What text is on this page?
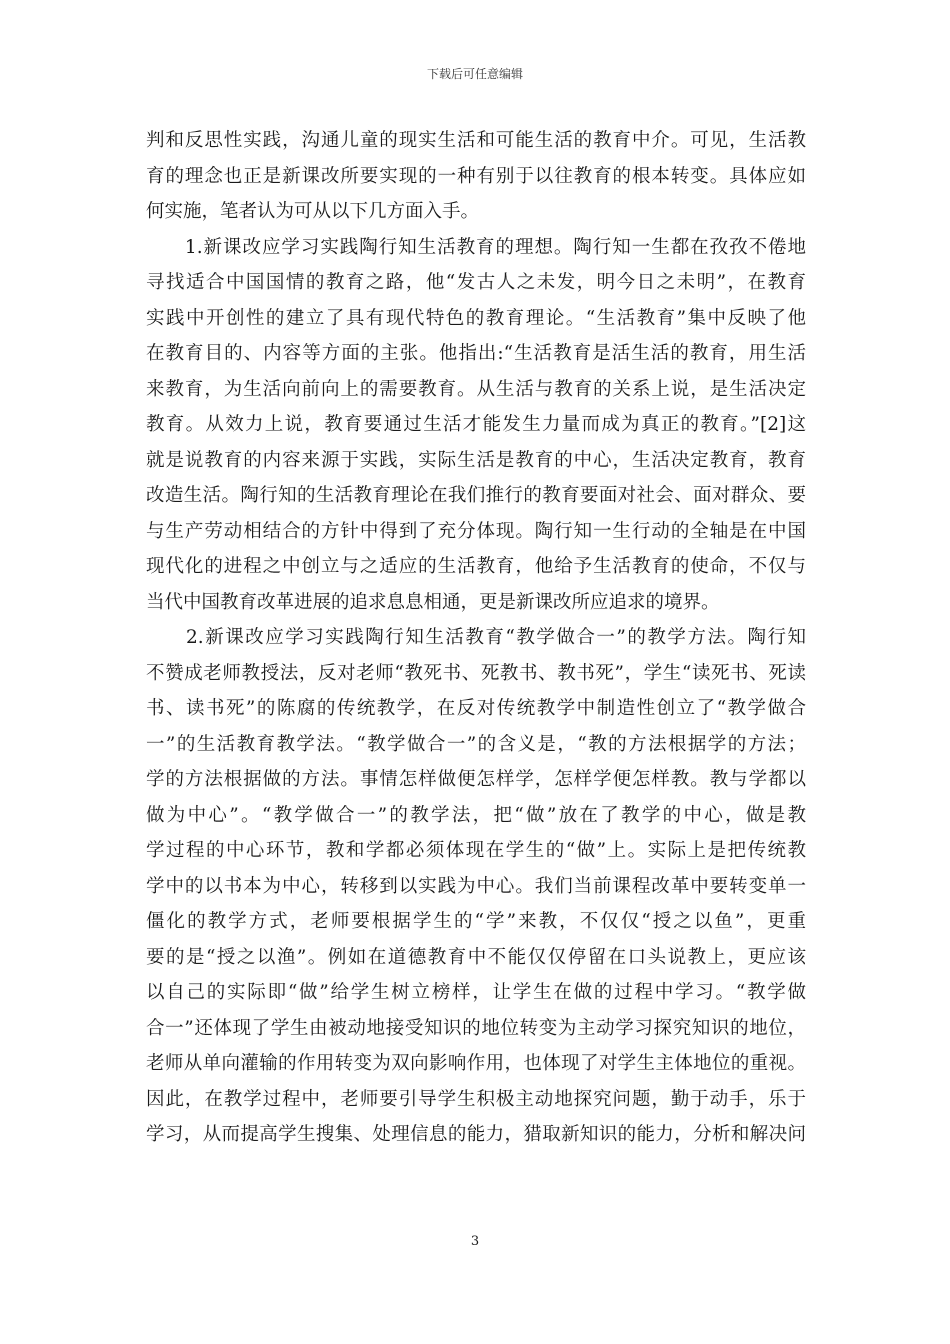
下载后可任意编辑
判和反思性实践，沟通儿童的现实生活和可能生活的教育中介。可见，生活教
育的理念也正是新课改所要实现的一种有别于以往教育的根本转变。具体应如
何实施，笔者认为可从以下几方面入手。
　　1.新课改应学习实践陶行知生活教育的理想。陶行知一生都在孜孜不倦地
寻找适合中国国情的教育之路，他“发古人之未发，明今日之未明”，在教育
实践中开创性的建立了具有现代特色的教育理论。“生活教育”集中反映了他
在教育目的、内容等方面的主张。他指出:“生活教育是活生活的教育，用生活
来教育，为生活向前向上的需要教育。从生活与教育的关系上说，是生活决定
教育。从效力上说，教育要通过生活才能发生力量而成为真正的教育。”[2]这
就是说教育的内容来源于实践，实际生活是教育的中心，生活决定教育，教育
改造生活。陶行知的生活教育理论在我们推行的教育要面对社会、面对群众、要
与生产劳动相结合的方针中得到了充分体现。陶行知一生行动的全轴是在中国
现代化的进程之中创立与之适应的生活教育，他给予生活教育的使命，不仅与
当代中国教育改革进展的追求息息相通，更是新课改所应追求的境界。
　　2.新课改应学习实践陶行知生活教育“教学做合一”的教学方法。陶行知
不赞成老师教授法，反对老师“教死书、死教书、教书死”，学生“读死书、死读
书、读书死”的陈腐的传统教学，在反对传统教学中制造性创立了“教学做合
一”的生活教育教学法。“教学做合一”的含义是，“教的方法根据学的方法；
学的方法根据做的方法。事情怎样做便怎样学，怎样学便怎样教。教与学都以
做为中心”。“教学做合一”的教学法，把“做”放在了教学的中心，做是教
学过程的中心环节，教和学都必须体现在学生的“做”上。实际上是把传统教
学中的以书本为中心，转移到以实践为中心。我们当前课程改革中要转变单一
僵化的教学方式，老师要根据学生的“学”来教，不仅仅“授之以鱼”，更重
要的是“授之以渔”。例如在道德教育中不能仅仅停留在口头说教上，更应该
以自己的实际即“做”给学生树立榜样，让学生在做的过程中学习。“教学做
合一”还体现了学生由被动地接受知识的地位转变为主动学习探究知识的地位，
老师从单向灌输的作用转变为双向影响作用，也体现了对学生主体地位的重视。
因此，在教学过程中，老师要引导学生积极主动地探究问题，勤于动手，乐于
学习，从而提高学生搜集、处理信息的能力，猎取新知识的能力，分析和解决问
3
